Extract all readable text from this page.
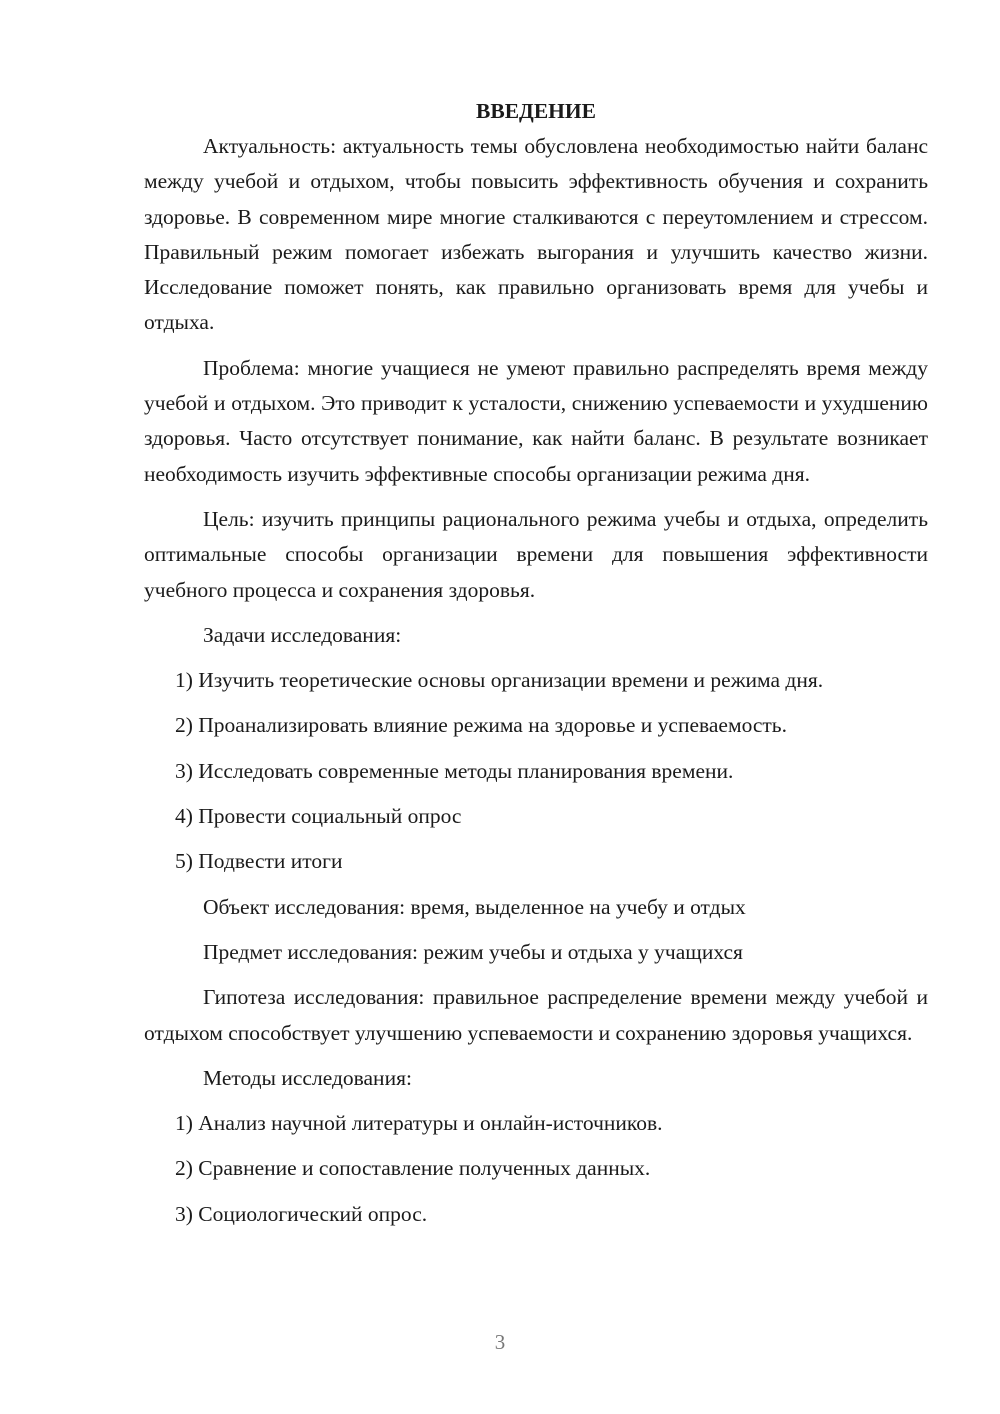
ВВЕДЕНИЕ

Актуальность: актуальность темы обусловлена необходимостью найти баланс между учебой и отдыхом, чтобы повысить эффективность обучения и сохранить здоровье. В современном мире многие сталкиваются с переутомлением и стрессом. Правильный режим помогает избежать выгорания и улучшить качество жизни. Исследование поможет понять, как правильно организовать время для учебы и отдыха.

Проблема: многие учащиеся не умеют правильно распределять время между учебой и отдыхом. Это приводит к усталости, снижению успеваемости и ухудшению здоровья. Часто отсутствует понимание, как найти баланс. В результате возникает необходимость изучить эффективные способы организации режима дня.

Цель: изучить принципы рационального режима учебы и отдыха, определить оптимальные способы организации времени для повышения эффективности учебного процесса и сохранения здоровья.

Задачи исследования:
1) Изучить теоретические основы организации времени и режима дня.
2) Проанализировать влияние режима на здоровье и успеваемость.
3) Исследовать современные методы планирования времени.
4) Провести социальный опрос
5) Подвести итоги
Объект исследования: время, выделенное на учебу и отдых
Предмет исследования: режим учебы и отдыха у учащихся

Гипотеза исследования: правильное распределение времени между учебой и отдыхом способствует улучшению успеваемости и сохранению здоровья учащихся.

Методы исследования:
1) Анализ научной литературы и онлайн-источников.
2) Сравнение и сопоставление полученных данных.
3) Социологический опрос.
3
